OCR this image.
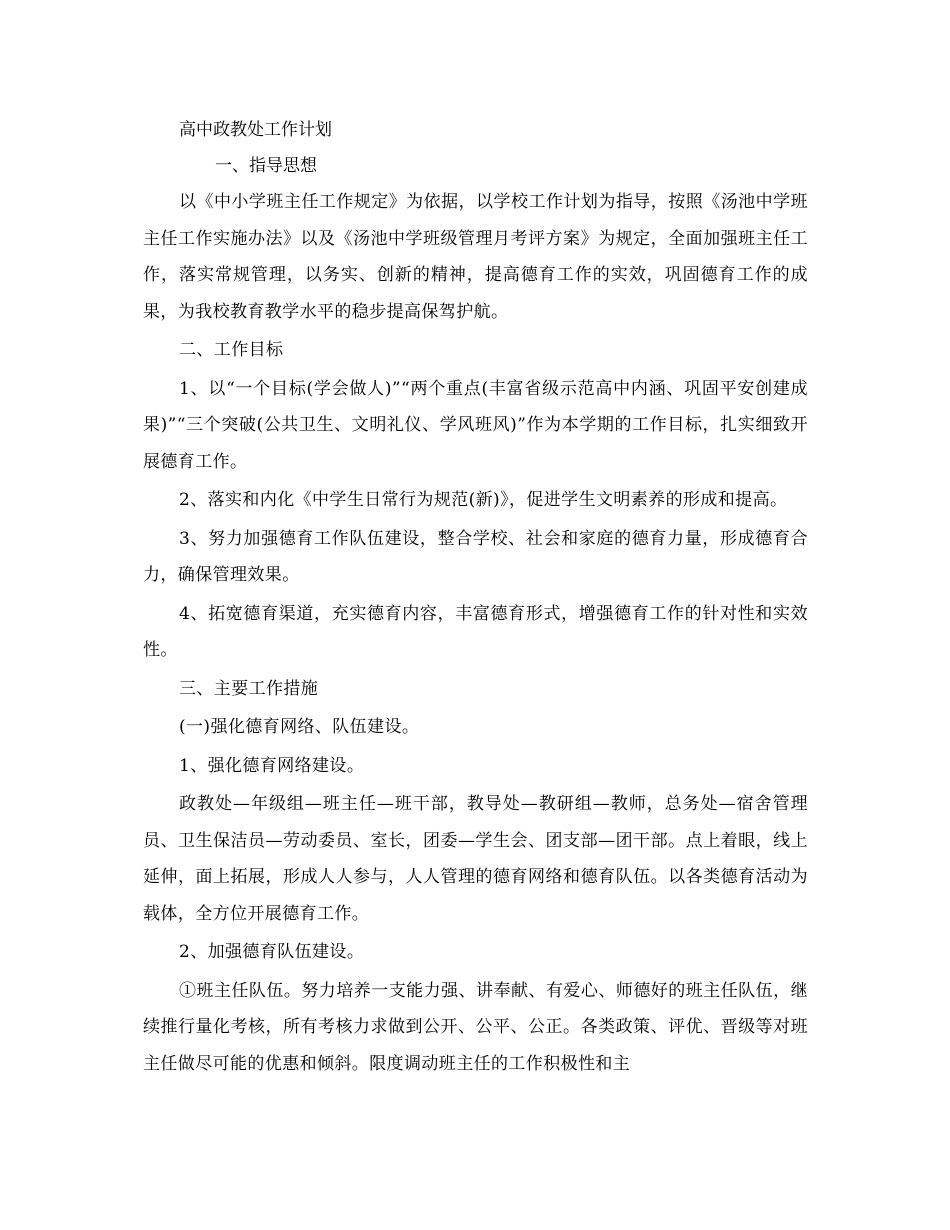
高中政教处工作计划

一、指导思想

以《中小学班主任工作规定》为依据，以学校工作计划为指导，按照《汤池中学班主任工作实施办法》以及《汤池中学班级管理月考评方案》为规定，全面加强班主任工作，落实常规管理，以务实、创新的精神，提高德育工作的实效，巩固德育工作的成果，为我校教育教学水平的稳步提高保驾护航。

二、工作目标

1、以“一个目标(学会做人)”“两个重点(丰富省级示范高中内涵、巩固平安创建成果)”“三个突破(公共卫生、文明礼仪、学风班风)”作为本学期的工作目标，扎实细致开展德育工作。

2、落实和内化《中学生日常行为规范(新)》，促进学生文明素养的形成和提高。

3、努力加强德育工作队伍建设，整合学校、社会和家庭的德育力量，形成德育合力，确保管理效果。

4、拓宽德育渠道，充实德育内容，丰富德育形式，增强德育工作的针对性和实效性。

三、主要工作措施

(一)强化德育网络、队伍建设。

1、强化德育网络建设。

政教处—年级组—班主任—班干部，教导处—教研组—教师，总务处—宿舍管理员、卫生保洁员—劳动委员、室长，团委—学生会、团支部—团干部。点上着眼，线上延伸，面上拓展，形成人人参与，人人管理的德育网络和德育队伍。以各类德育活动为载体，全方位开展德育工作。

2、加强德育队伍建设。

①班主任队伍。努力培养一支能力强、讲奉献、有爱心、师德好的班主任队伍，继续推行量化考核，所有考核力求做到公开、公平、公正。各类政策、评优、晋级等对班主任做尽可能的优惠和倾斜。限度调动班主任的工作积极性和主
